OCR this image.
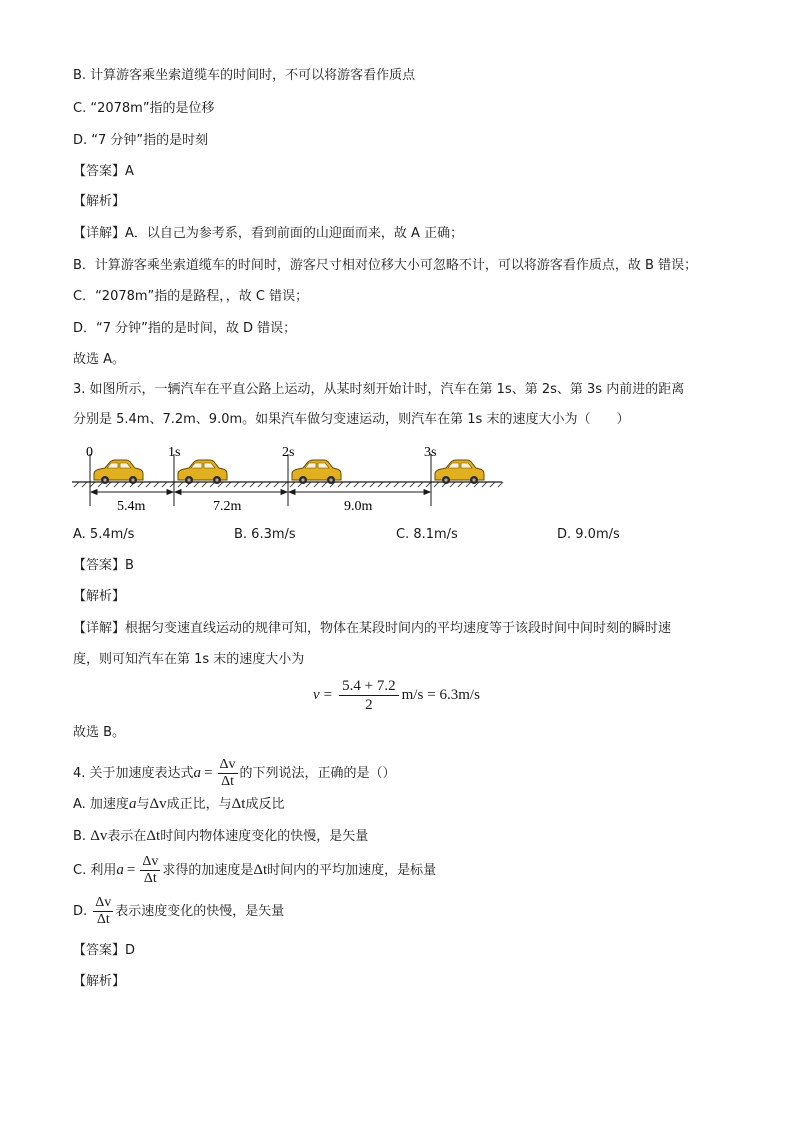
B. 计算游客乘坐索道缆车的时间时，不可以将游客看作质点
C. “2078m”指的是位移
D. “7 分钟”指的是时刻
【答案】A
【解析】
【详解】A．以自己为参考系，看到前面的山迎面而来，故 A 正确；
B．计算游客乘坐索道缆车的时间时，游客尺寸相对位移大小可忽略不计，可以将游客看作质点，故 B 错误；
C．“2078m”指的是路程，，故 C 错误；
D．“7 分钟”指的是时间，故 D 错误；
故选 A。
3. 如图所示，一辆汽车在平直公路上运动，从某时刻开始计时，汽车在第 1s、第 2s、第 3s 内前进的距离
分别是 5.4m、7.2m、9.0m。如果汽车做匀变速运动，则汽车在第 1s 末的速度大小为（　　）
0	1s	2s	3s
5.4m	7.2m	9.0m
A. 5.4m/s	B. 6.3m/s	C. 8.1m/s	D. 9.0m/s
【答案】B
【解析】
【详解】根据匀变速直线运动的规律可知，物体在某段时间内的平均速度等于该段时间中间时刻的瞬时速
度，则可知汽车在第 1s 末的速度大小为
$v = \frac{5.4 + 7.2}{2} m/s = 6.3m/s$
故选 B。
4. 关于加速度表达式$a = \frac{\Delta v}{\Delta t}$ 的下列说法，正确的是（）
A. 加速度a与Δv成正比，与Δt成反比
B. Δv表示在Δt时间内物体速度变化的快慢，是矢量
C. 利用$a = \frac{\Delta v}{\Delta t}$ 求得的加速度是Δt时间内的平均加速度，是标量
D. $\frac{\Delta v}{\Delta t}$ 表示速度变化的快慢，是矢量
【答案】D
【解析】
